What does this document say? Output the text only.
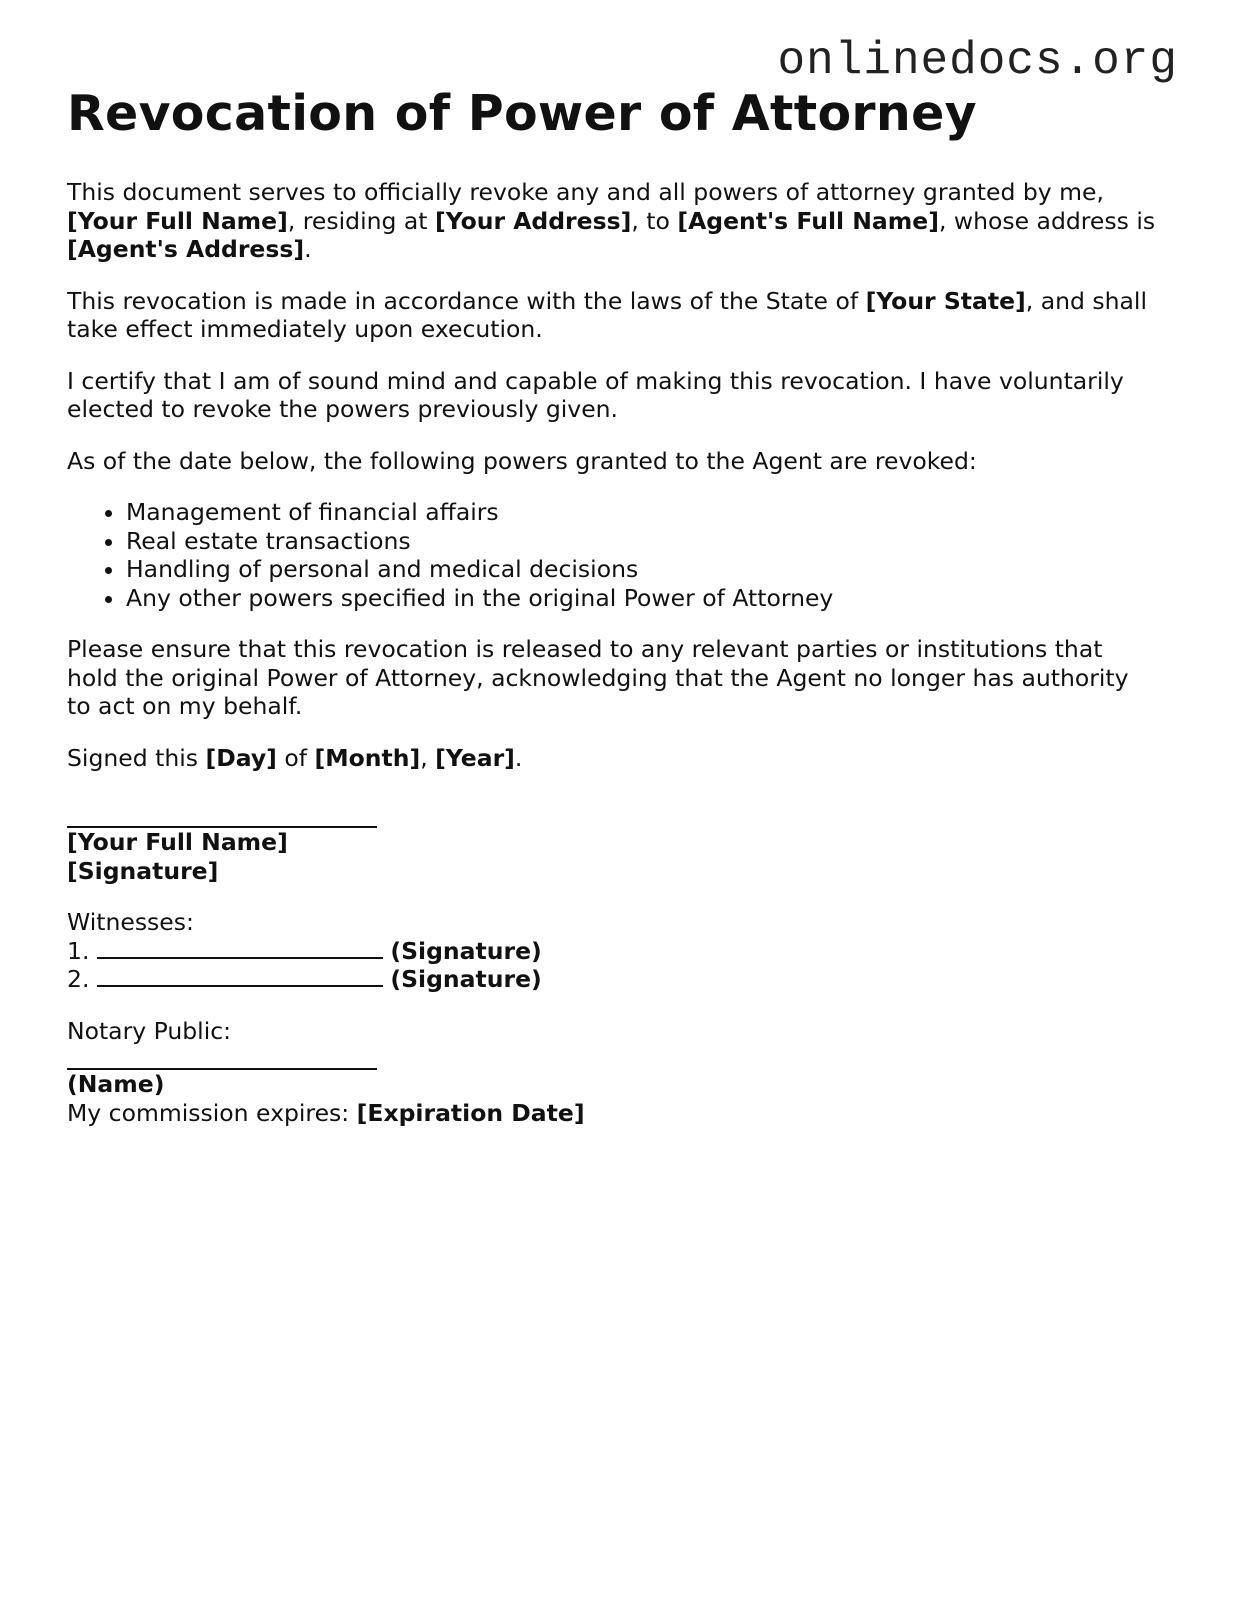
onlinedocs.org
Revocation of Power of Attorney

This document serves to officially revoke any and all powers of attorney granted by me,
[Your Full Name], residing at [Your Address], to [Agent's Full Name], whose address is [Agent's Address].

This revocation is made in accordance with the laws of the State of [Your State], and shall take effect immediately upon execution.

I certify that I am of sound mind and capable of making this revocation. I have voluntarily elected to revoke the powers previously given.

As of the date below, the following powers granted to the Agent are revoked:

• Management of financial affairs
• Real estate transactions
• Handling of personal and medical decisions
• Any other powers specified in the original Power of Attorney

Please ensure that this revocation is released to any relevant parties or institutions that hold the original Power of Attorney, acknowledging that the Agent no longer has authority to act on my behalf.

Signed this [Day] of [Month], [Year].

[Your Full Name]
[Signature]
Witnesses:
1.	(Signature)
2.	(Signature)
Notary Public:
(Name)
My commission expires: [Expiration Date]
